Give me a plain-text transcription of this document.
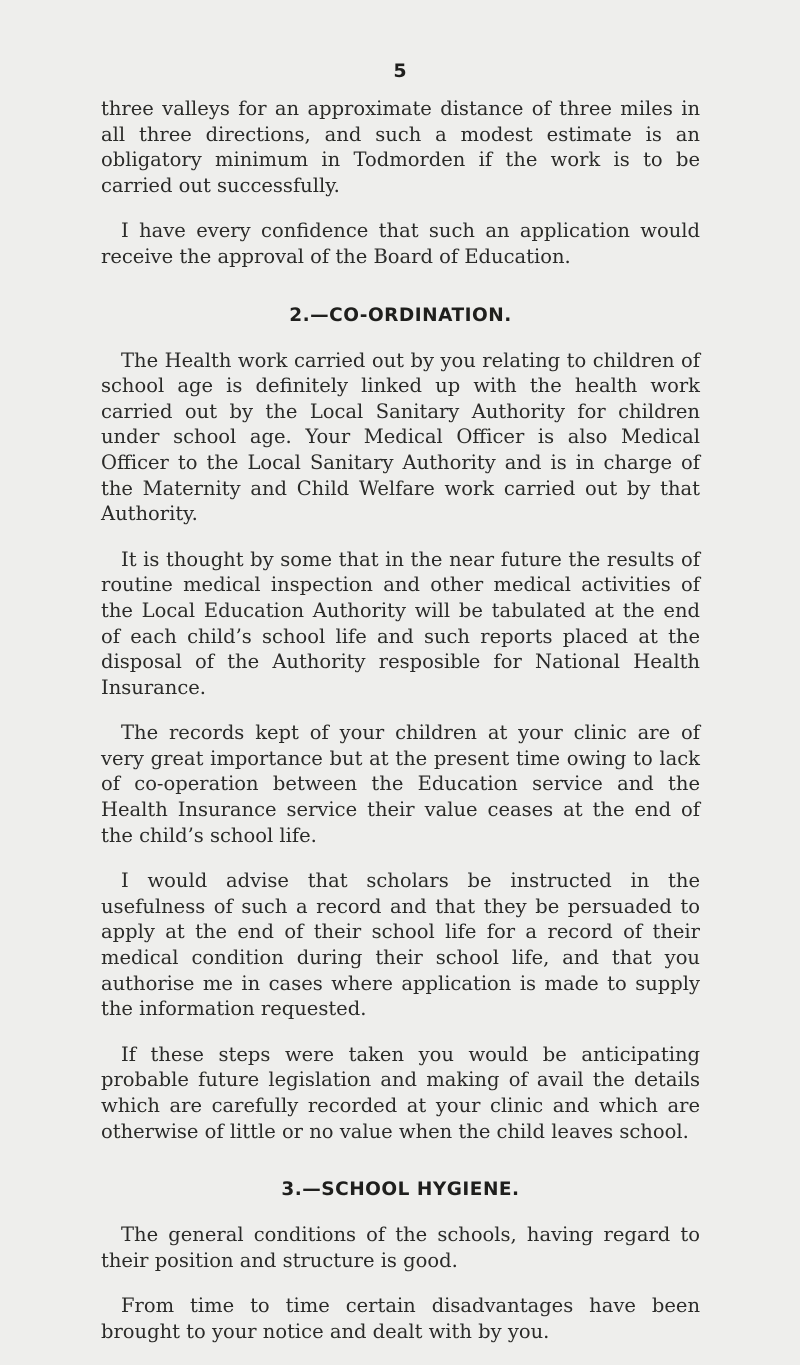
5

three valleys for an approximate distance of three miles in all three directions, and such a modest estimate is an obligatory minimum in Todmorden if the work is to be carried out successfully.

I have every confidence that such an application would receive the approval of the Board of Education.

2.—CO-ORDINATION.

The Health work carried out by you relating to children of school age is definitely linked up with the health work carried out by the Local Sanitary Authority for children under school age. Your Medical Officer is also Medical Officer to the Local Sanitary Authority and is in charge of the Maternity and Child Welfare work carried out by that Authority.

It is thought by some that in the near future the results of routine medical inspection and other medical activities of the Local Education Authority will be tabulated at the end of each child’s school life and such reports placed at the disposal of the Authority resposible for National Health Insurance.

The records kept of your children at your clinic are of very great importance but at the present time owing to lack of co-operation between the Education service and the Health Insurance service their value ceases at the end of the child’s school life.

I would advise that scholars be instructed in the usefulness of such a record and that they be persuaded to apply at the end of their school life for a record of their medical condition during their school life, and that you authorise me in cases where application is made to supply the information requested.

If these steps were taken you would be anticipating probable future legislation and making of avail the details which are carefully recorded at your clinic and which are otherwise of little or no value when the child leaves school.

3.—SCHOOL HYGIENE.

The general conditions of the schools, having regard to their position and structure is good.

From time to time certain disadvantages have been brought to your notice and dealt with by you.
